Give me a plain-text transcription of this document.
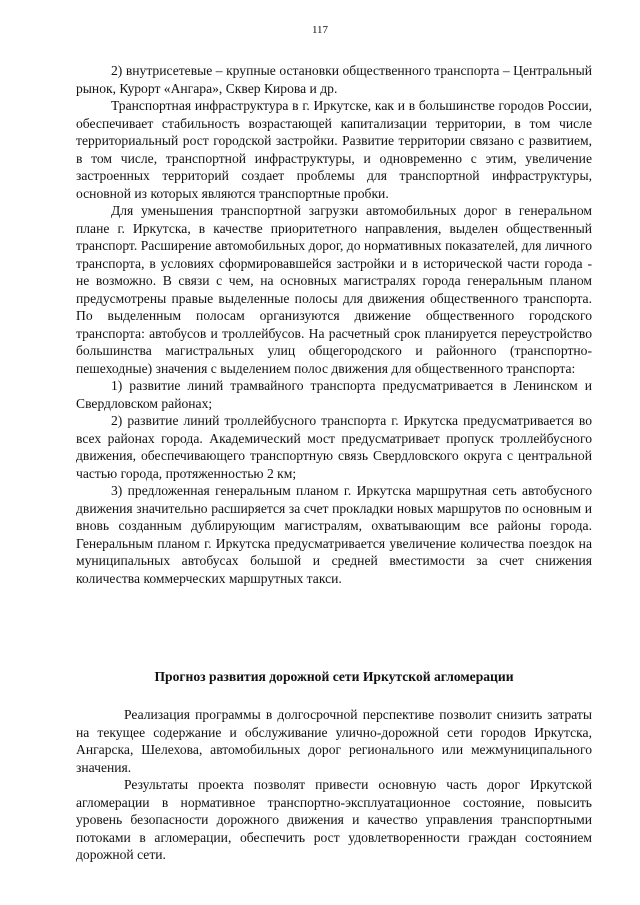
117

2) внутрисетевые – крупные остановки общественного транспорта – Центральный рынок, Курорт «Ангара», Сквер Кирова и др.

Транспортная инфраструктура в г. Иркутске, как и в большинстве городов России, обеспечивает стабильность возрастающей капитализации территории, в том числе территориальный рост городской застройки. Развитие территории связано с развитием, в том числе, транспортной инфраструктуры, и одновременно с этим, увеличение застроенных территорий создает проблемы для транспортной инфраструктуры, основной из которых являются транспортные пробки.

Для уменьшения транспортной загрузки автомобильных дорог в генеральном плане г. Иркутска, в качестве приоритетного направления, выделен общественный транспорт. Расширение автомобильных дорог, до нормативных показателей, для личного транспорта, в условиях сформировавшейся застройки и в исторической части города - не возможно. В связи с чем, на основных магистралях города генеральным планом предусмотрены правые выделенные полосы для движения общественного транспорта. По выделенным полосам организуются движение общественного городского транспорта: автобусов и троллейбусов. На расчетный срок планируется переустройство большинства магистральных улиц общегородского и районного (транспортно-пешеходные) значения с выделением полос движения для общественного транспорта:

1) развитие линий трамвайного транспорта предусматривается в Ленинском и Свердловском районах;

2) развитие линий троллейбусного транспорта г. Иркутска предусматривается во всех районах города. Академический мост предусматривает пропуск троллейбусного движения, обеспечивающего транспортную связь Свердловского округа с центральной частью города, протяженностью 2 км;

3) предложенная генеральным планом г. Иркутска маршрутная сеть автобусного движения значительно расширяется за счет прокладки новых маршрутов по основным и вновь созданным дублирующим магистралям, охватывающим все районы города. Генеральным планом г. Иркутска предусматривается увеличение количества поездок на муниципальных автобусах большой и средней вместимости за счет снижения количества коммерческих маршрутных такси.

Прогноз развития дорожной сети Иркутской агломерации

Реализация программы в долгосрочной перспективе позволит снизить затраты на текущее содержание и обслуживание улично-дорожной сети городов Иркутска, Ангарска, Шелехова, автомобильных дорог регионального или межмуниципального значения.

Результаты проекта позволят привести основную часть дорог Иркутской агломерации в нормативное транспортно-эксплуатационное состояние, повысить уровень безопасности дорожного движения и качество управления транспортными потоками в агломерации, обеспечить рост удовлетворенности граждан состоянием дорожной сети.
